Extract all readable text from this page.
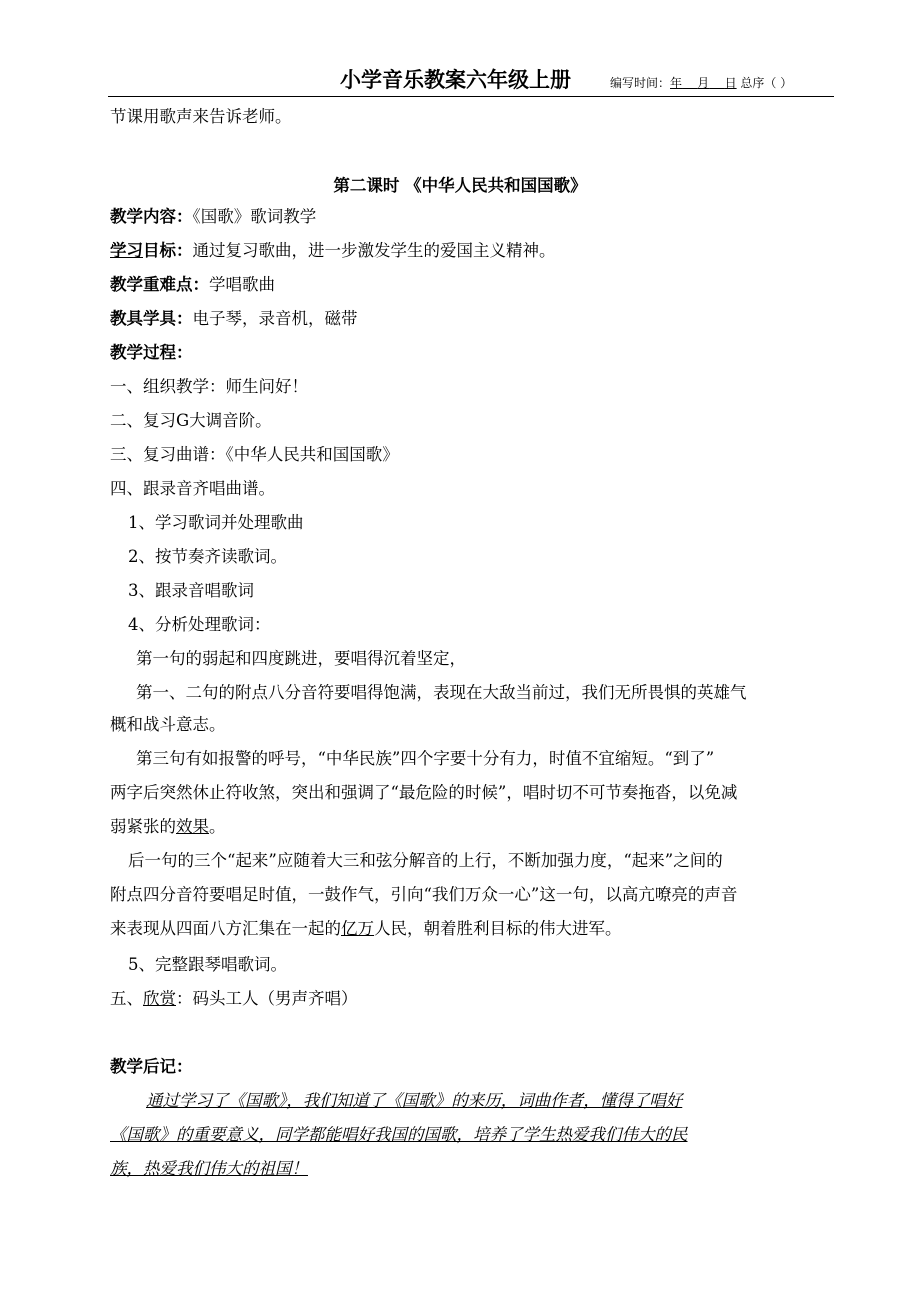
小学音乐教案六年级上册	编写时间：年 月 日 总序（ ）
节课用歌声来告诉老师。
第二课时 《中华人民共和国国歌》
教学内容：《国歌》歌词教学
学习目标：通过复习歌曲，进一步激发学生的爱国主义精神。
教学重难点：学唱歌曲
教具学具：电子琴，录音机，磁带
教学过程：
一、组织教学：师生问好！
二、复习G大调音阶。
三、复习曲谱：《中华人民共和国国歌》
四、跟录音齐唱曲谱。
1、学习歌词并处理歌曲
2、按节奏齐读歌词。
3、跟录音唱歌词
4、分析处理歌词：
第一句的弱起和四度跳进，要唱得沉着坚定，
第一、二句的附点八分音符要唱得饱满，表现在大敌当前过，我们无所畏惧的英雄气
概和战斗意志。
第三句有如报警的呼号，“中华民族”四个字要十分有力，时值不宜缩短。“到了”
两字后突然休止符收煞，突出和强调了“最危险的时候”，唱时切不可节奏拖沓，以免减
弱紧张的效果。
后一句的三个“起来”应随着大三和弦分解音的上行，不断加强力度，“起来”之间的
附点四分音符要唱足时值，一鼓作气，引向“我们万众一心”这一句，以高亢嘹亮的声音
来表现从四面八方汇集在一起的亿万人民，朝着胜利目标的伟大进军。
5、完整跟琴唱歌词。
五、欣赏：码头工人（男声齐唱）
教学后记：
通过学习了《国歌》，我们知道了《国歌》的来历，词曲作者，懂得了唱好
《国歌》的重要意义，同学都能唱好我国的国歌，培养了学生热爱我们伟大的民
族，热爱我们伟大的祖国！
